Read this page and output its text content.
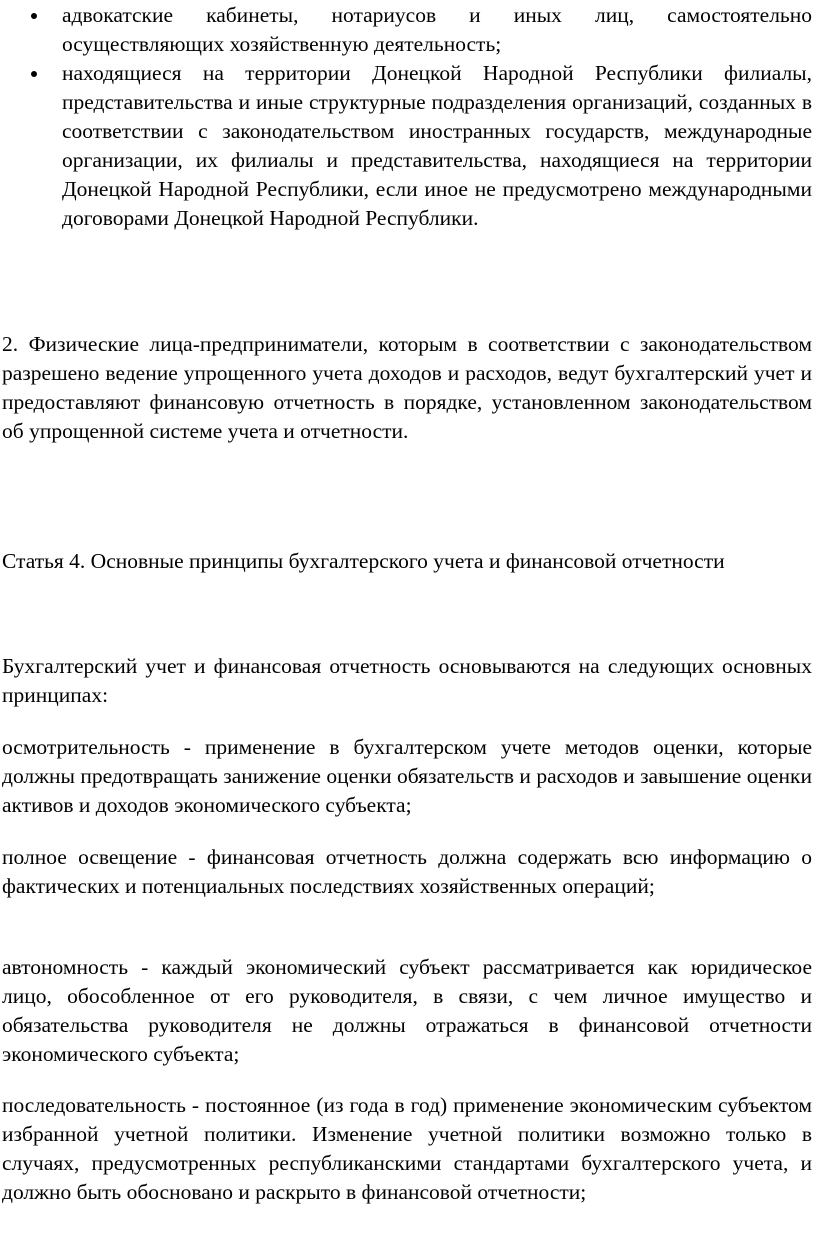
адвокатские кабинеты, нотариусов и иных лиц, самостоятельно осуществляющих хозяйственную деятельность;
находящиеся на территории Донецкой Народной Республики филиалы, представительства и иные структурные подразделения организаций, созданных в соответствии с законодательством иностранных государств, международные организации, их филиалы и представительства, находящиеся на территории Донецкой Народной Республики, если иное не предусмотрено международными договорами Донецкой Народной Республики.

2. Физические лица-предприниматели, которым в соответствии с законодательством разрешено ведение упрощенного учета доходов и расходов, ведут бухгалтерский учет и предоставляют финансовую отчетность в порядке, установленном законодательством об упрощенной системе учета и отчетности.

Статья 4. Основные принципы бухгалтерского учета и финансовой отчетности

Бухгалтерский учет и финансовая отчетность основываются на следующих основных принципах:

осмотрительность - применение в бухгалтерском учете методов оценки, которые должны предотвращать занижение оценки обязательств и расходов и завышение оценки активов и доходов экономического субъекта;

полное освещение - финансовая отчетность должна содержать всю информацию о фактических и потенциальных последствиях хозяйственных операций;

автономность - каждый экономический субъект рассматривается как юридическое лицо, обособленное от его руководителя, в связи, с чем личное имущество и обязательства руководителя не должны отражаться в финансовой отчетности экономического субъекта;

последовательность - постоянное (из года в год) применение экономическим субъектом избранной учетной политики. Изменение учетной политики возможно только в случаях, предусмотренных республиканскими стандартами бухгалтерского учета, и должно быть обосновано и раскрыто в финансовой отчетности;
